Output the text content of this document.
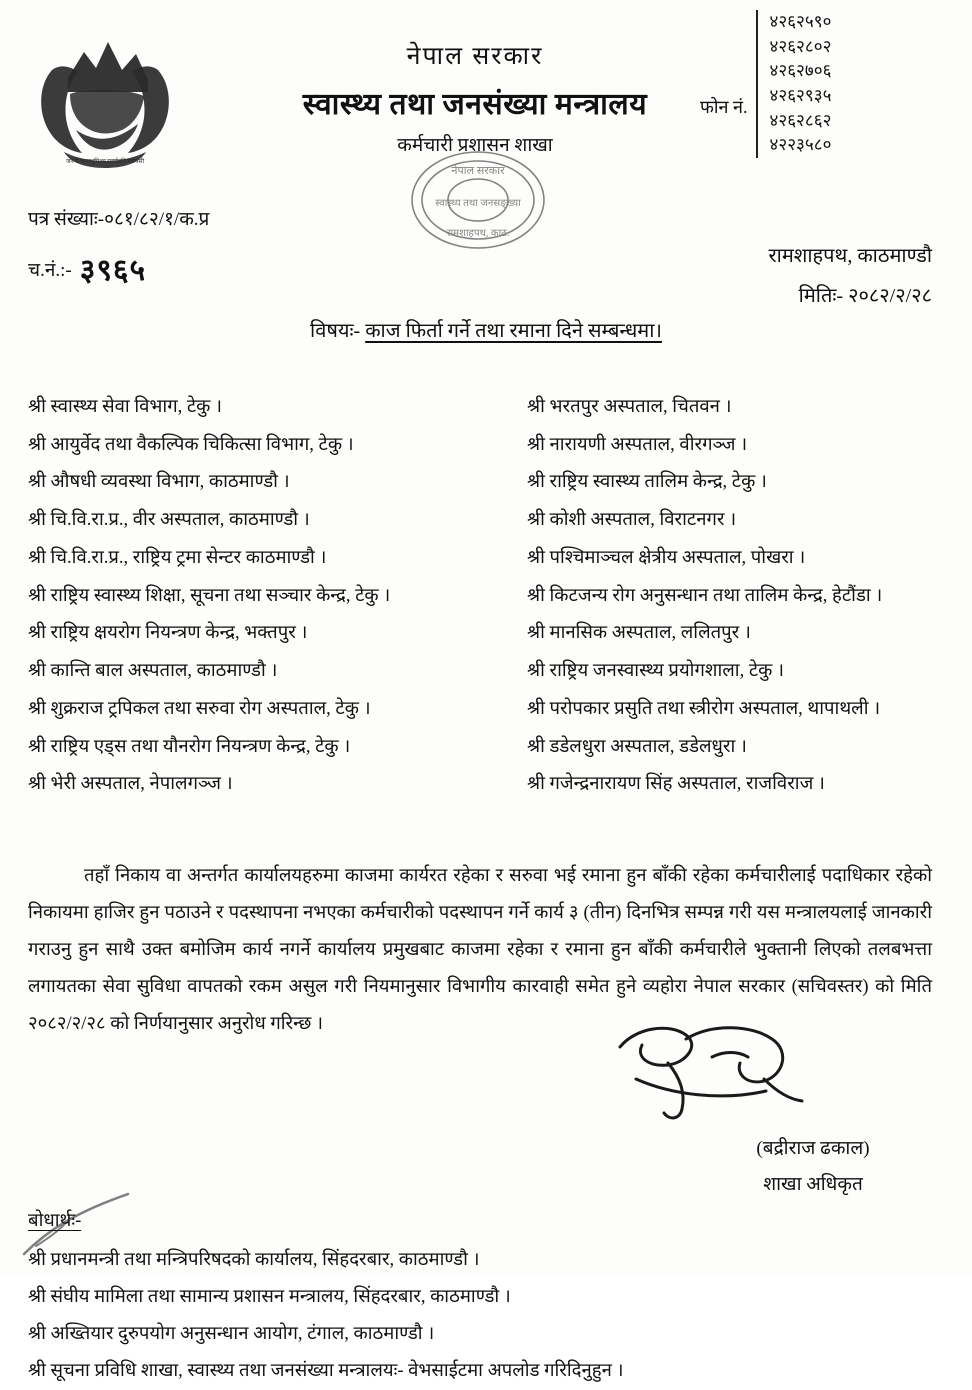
जननी जन्मभूमिश्च स्वर्गादपि गरीयसी
नेपाल सरकार
स्वास्थ्य तथा जनसंख्या मन्त्रालय
कर्मचारी प्रशासन शाखा
फोन नं.
४२६२५९०
४२६२८०२
४२६२७०६
४२६२९३५
४२६२८६२
४२२३५८०
नेपाल सरकार
स्वास्थ्य तथा जनसङ्ख्या
रामशाहपथ, काठ.
पत्र संख्याः-०८१/८२/१/क.प्र
च.नं.:- ३९६५	रामशाहपथ, काठमाण्डौ
मितिः- २०८२/२/२८
विषयः- काज फिर्ता गर्ने तथा रमाना दिने सम्बन्धमा।
श्री स्वास्थ्य सेवा विभाग, टेकु ।
श्री आयुर्वेद तथा वैकल्पिक चिकित्सा विभाग, टेकु ।
श्री औषधी व्यवस्था विभाग, काठमाण्डौ ।
श्री चि.वि.रा.प्र., वीर अस्पताल, काठमाण्डौ ।
श्री चि.वि.रा.प्र., राष्ट्रिय ट्रमा सेन्टर काठमाण्डौ ।
श्री राष्ट्रिय स्वास्थ्य शिक्षा, सूचना तथा सञ्चार केन्द्र, टेकु ।
श्री राष्ट्रिय क्षयरोग नियन्त्रण केन्द्र, भक्तपुर ।
श्री कान्ति बाल अस्पताल, काठमाण्डौ ।
श्री शुक्रराज ट्रपिकल तथा सरुवा रोग अस्पताल, टेकु ।
श्री राष्ट्रिय एड्स तथा यौनरोग नियन्त्रण केन्द्र, टेकु ।
श्री भेरी अस्पताल, नेपालगञ्ज ।
श्री भरतपुर अस्पताल, चितवन ।
श्री नारायणी अस्पताल, वीरगञ्ज ।
श्री राष्ट्रिय स्वास्थ्य तालिम केन्द्र, टेकु ।
श्री कोशी अस्पताल, विराटनगर ।
श्री पश्चिमाञ्चल क्षेत्रीय अस्पताल, पोखरा ।
श्री किटजन्य रोग अनुसन्धान तथा तालिम केन्द्र, हेटौंडा ।
श्री मानसिक अस्पताल, ललितपुर ।
श्री राष्ट्रिय जनस्वास्थ्य प्रयोगशाला, टेकु ।
श्री परोपकार प्रसुति तथा स्त्रीरोग अस्पताल, थापाथली ।
श्री डडेलधुरा अस्पताल, डडेलधुरा ।
श्री गजेन्द्रनारायण सिंह अस्पताल, राजविराज ।
तहाँ निकाय वा अन्तर्गत कार्यालयहरुमा काजमा कार्यरत रहेका र सरुवा भई रमाना हुन बाँकी रहेका कर्मचारीलाई पदाधिकार रहेको निकायमा हाजिर हुन पठाउने र पदस्थापना नभएका कर्मचारीको पदस्थापन गर्ने कार्य ३ (तीन) दिनभित्र सम्पन्न गरी यस मन्त्रालयलाई जानकारी गराउनु हुन साथै उक्त बमोजिम कार्य नगर्ने कार्यालय प्रमुखबाट काजमा रहेका र रमाना हुन बाँकी कर्मचारीले भुक्तानी लिएको तलबभत्ता लगायतका सेवा सुविधा वापतको रकम असुल गरी नियमानुसार विभागीय कारवाही समेत हुने व्यहोरा नेपाल सरकार (सचिवस्तर) को मिति २०८२/२/२८ को निर्णयानुसार अनुरोध गरिन्छ ।
(बद्रीराज ढकाल)
शाखा अधिकृत
बोधार्थः-
श्री प्रधानमन्त्री तथा मन्त्रिपरिषदको कार्यालय, सिंहदरबार, काठमाण्डौ ।
श्री संघीय मामिला तथा सामान्य प्रशासन मन्त्रालय, सिंहदरबार, काठमाण्डौ ।
श्री अख्तियार दुरुपयोग अनुसन्धान आयोग, टंगाल, काठमाण्डौ ।
श्री सूचना प्रविधि शाखा, स्वास्थ्य तथा जनसंख्या मन्त्रालयः- वेभसाईटमा अपलोड गरिदिनुहुन ।
